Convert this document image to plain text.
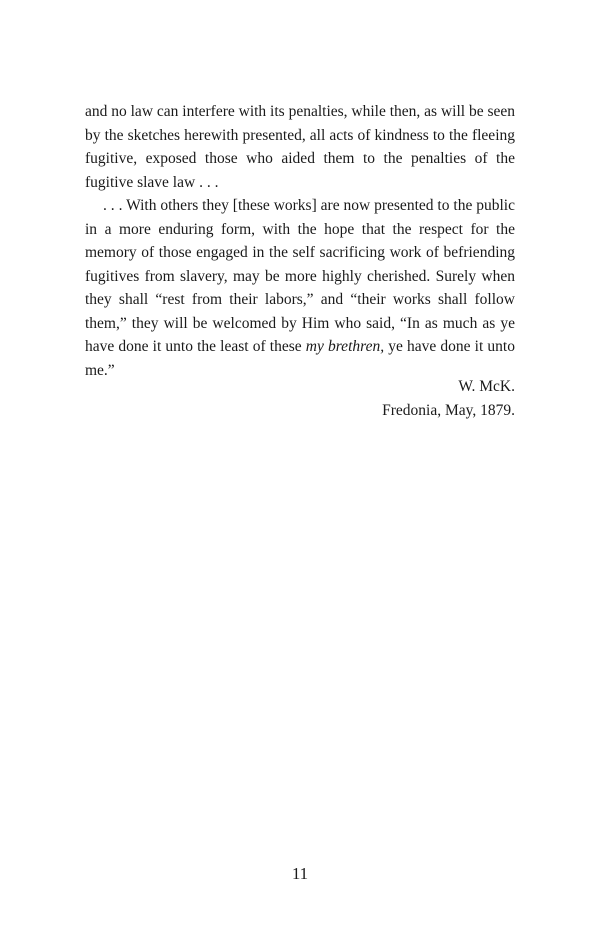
and no law can interfere with its penalties, while then, as will be seen by the sketches herewith presented, all acts of kindness to the fleeing fugitive, exposed those who aided them to the penalties of the fugitive slave law . . .

. . . With others they [these works] are now presented to the public in a more enduring form, with the hope that the respect for the memory of those engaged in the self sacrificing work of befriending fugitives from slavery, may be more highly cherished. Surely when they shall “rest from their labors,” and “their works shall follow them,” they will be welcomed by Him who said, “In as much as ye have done it unto the least of these my brethren, ye have done it unto me.”

W. McK.
Fredonia, May, 1879.
11
